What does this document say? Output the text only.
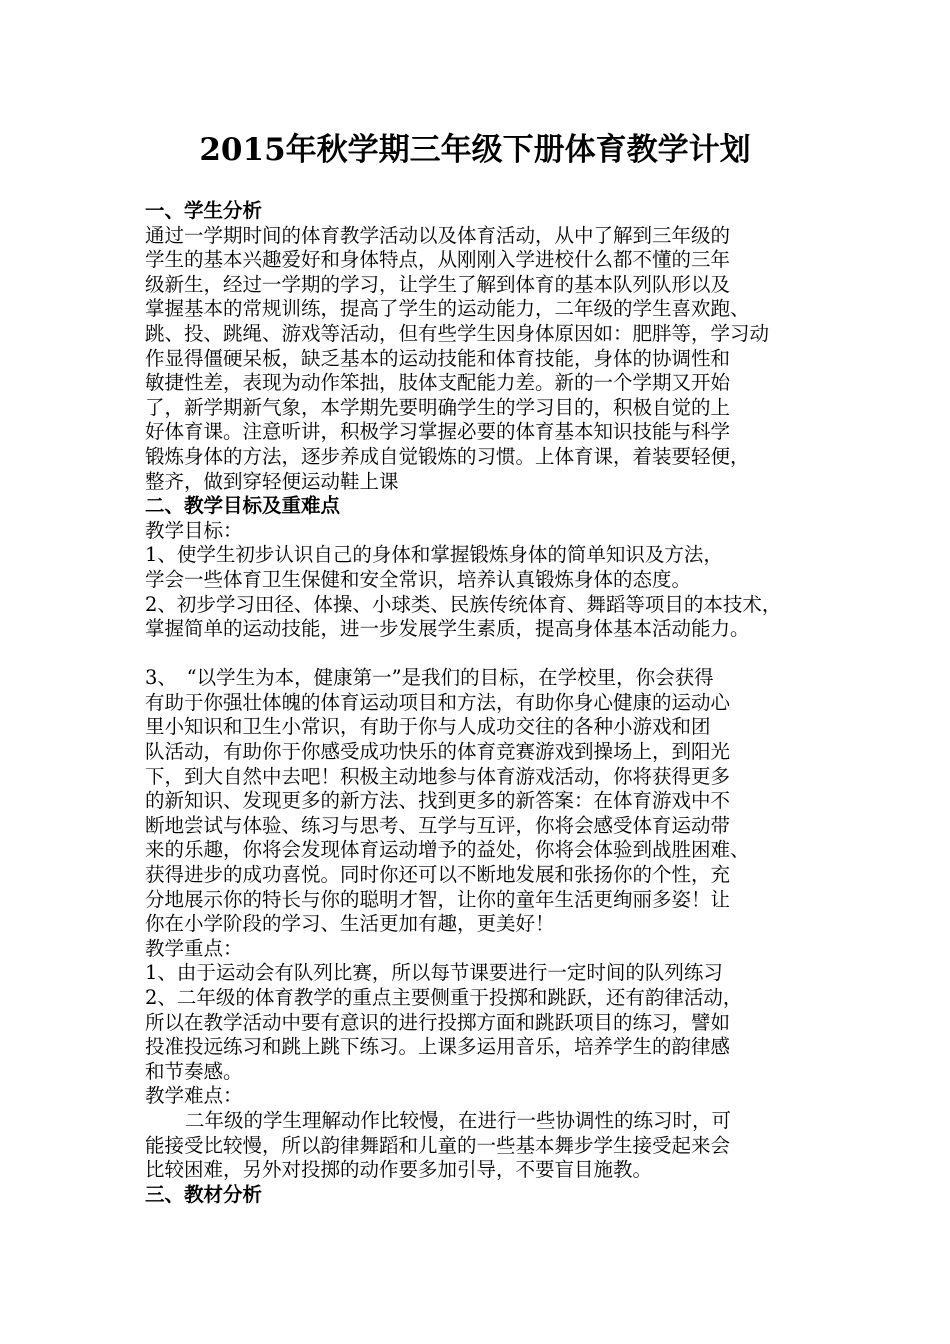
2015年秋学期三年级下册体育教学计划
一、学生分析
通过一学期时间的体育教学活动以及体育活动，从中了解到三年级的
学生的基本兴趣爱好和身体特点，从刚刚入学进校什么都不懂的三年
级新生，经过一学期的学习，让学生了解到体育的基本队列队形以及
掌握基本的常规训练，提高了学生的运动能力，二年级的学生喜欢跑、
跳、投、跳绳、游戏等活动，但有些学生因身体原因如：肥胖等，学习动
作显得僵硬呆板，缺乏基本的运动技能和体育技能，身体的协调性和
敏捷性差，表现为动作笨拙，肢体支配能力差。新的一个学期又开始
了，新学期新气象，本学期先要明确学生的学习目的，积极自觉的上
好体育课。注意听讲，积极学习掌握必要的体育基本知识技能与科学
锻炼身体的方法，逐步养成自觉锻炼的习惯。上体育课，着装要轻便，
整齐，做到穿轻便运动鞋上课
二、教学目标及重难点
教学目标：
1、使学生初步认识自己的身体和掌握锻炼身体的简单知识及方法，
学会一些体育卫生保健和安全常识，培养认真锻炼身体的态度。
2、初步学习田径、体操、小球类、民族传统体育、舞蹈等项目的本技术，
掌握简单的运动技能，进一步发展学生素质，提高身体基本活动能力。
3、　“以学生为本，健康第一”是我们的目标，在学校里，你会获得
有助于你强壮体魄的体育运动项目和方法，有助你身心健康的运动心
里小知识和卫生小常识，有助于你与人成功交往的各种小游戏和团
队活动，有助你于你感受成功快乐的体育竞赛游戏到操场上，到阳光
下，到大自然中去吧！积极主动地参与体育游戏活动，你将获得更多
的新知识、发现更多的新方法、找到更多的新答案：在体育游戏中不
断地尝试与体验、练习与思考、互学与互评，你将会感受体育运动带
来的乐趣，你将会发现体育运动增予的益处，你将会体验到战胜困难、
获得进步的成功喜悦。同时你还可以不断地发展和张扬你的个性，充
分地展示你的特长与你的聪明才智，让你的童年生活更绚丽多姿！让
你在小学阶段的学习、生活更加有趣，更美好！
教学重点：
1、由于运动会有队列比赛，所以每节课要进行一定时间的队列练习
2、二年级的体育教学的重点主要侧重于投掷和跳跃，还有韵律活动，
所以在教学活动中要有意识的进行投掷方面和跳跃项目的练习，譬如
投准投远练习和跳上跳下练习。上课多运用音乐，培养学生的韵律感
和节奏感。
教学难点：
二年级的学生理解动作比较慢，在进行一些协调性的练习时，可
能接受比较慢，所以韵律舞蹈和儿童的一些基本舞步学生接受起来会
比较困难，另外对投掷的动作要多加引导，不要盲目施教。
三、教材分析
